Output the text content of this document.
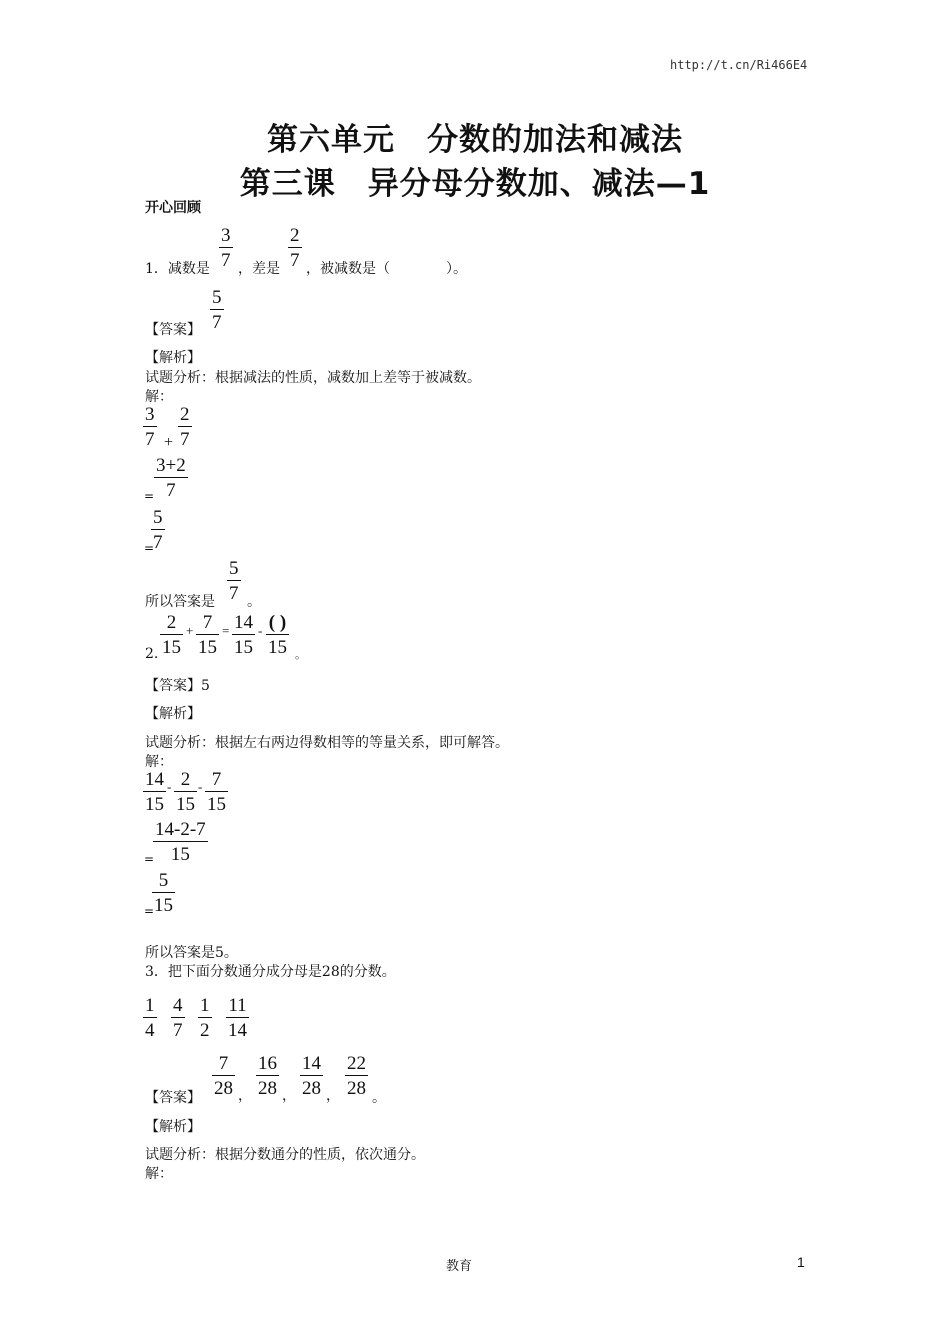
http://t.cn/Ri466E4
第六单元　分数的加法和减法
第三课　异分母分数加、减法—1
开心回顾
1．减数是 $\frac{3}{7}$ ，差是 $\frac{2}{7}$ ，被减数是（　　　　）。
【答案】 $\frac{5}{7}$
【解析】
试题分析：根据减法的性质，减数加上差等于被减数。
解：
$\frac{3}{7} + \frac{2}{7}$
= $\frac{3+2}{7}$
=
$\frac{5}{7}$
所以答案是 $\frac{5}{7}$ 。
2. $\frac{2}{15} + \frac{7}{15} = \frac{14}{15}$ - ( )
15 。
【答案】5
【解析】
试题分析：根据左右两边得数相等的等量关系，即可解答。
解：
$\frac{14}{15} - \frac{2}{15} - \frac{7}{15}$
=
$\frac{14-2-7}{15}$
=
$\frac{5}{15}$
所以答案是5。
3．把下面分数通分成分母是28的分数。
$\frac{1}{4} \frac{4}{7} \frac{1}{2} \frac{11}{14}$
【答案】 $\frac{7}{28}$ ， $\frac{16}{28}$ ， $\frac{14}{28}$ ， $\frac{22}{28}$ 。
【解析】
试题分析：根据分数通分的性质，依次通分。
解：
教育	1
